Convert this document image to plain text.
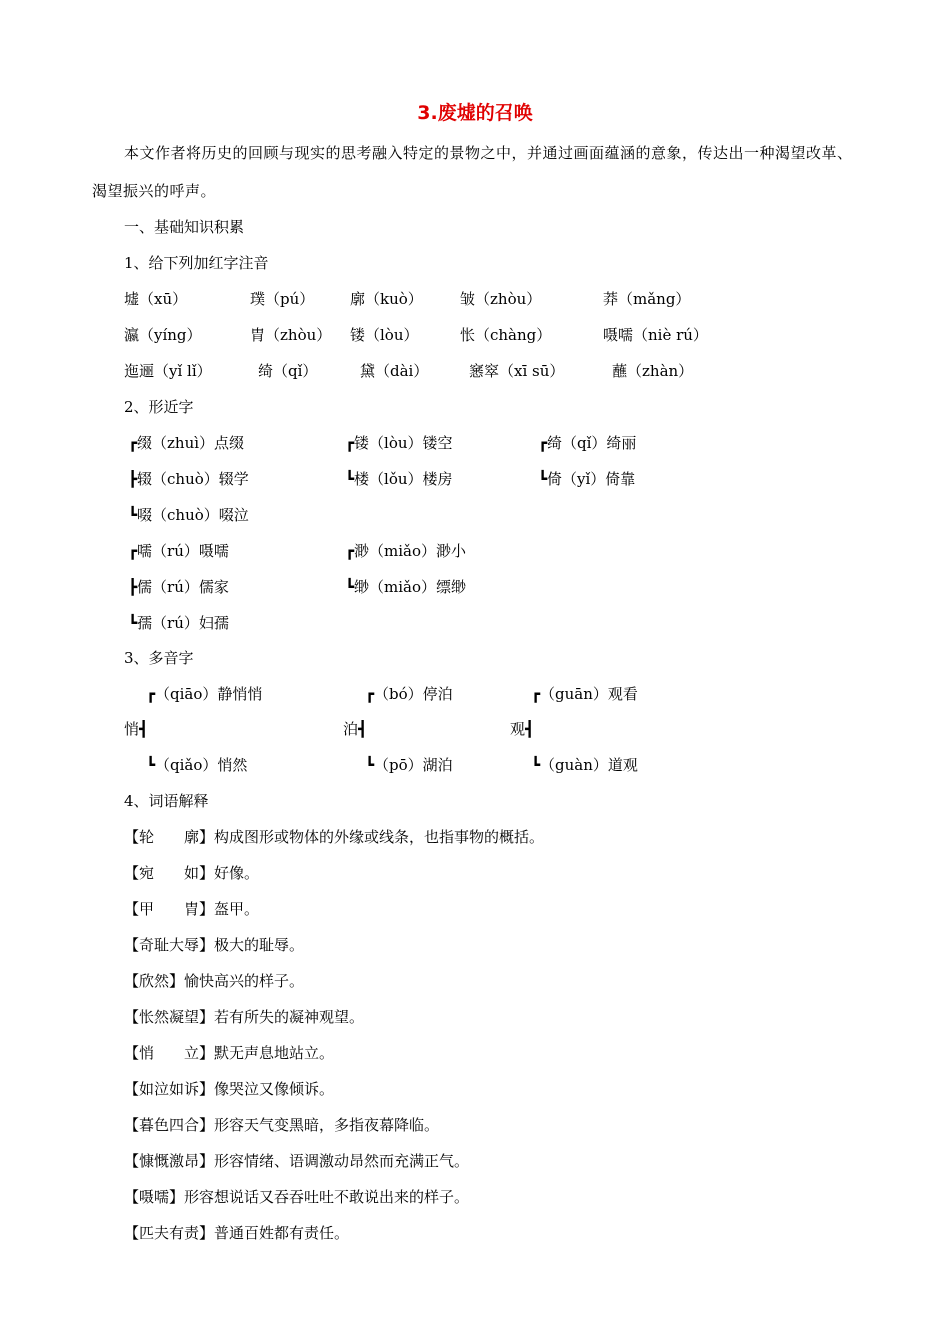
3.废墟的召唤
本文作者将历史的回顾与现实的思考融入特定的景物之中，并通过画面蕴涵的意象，传达出一种渴望改革、渴望振兴的呼声。
一、基础知识积累
1、给下列加红字注音
墟（xū）	璞（pú） 廓（kuò） 皱（zhòu）	莽（mǎng）
瀛（yíng）	胄（zhòu） 镂（lòu）	怅（chàng）	嗫嚅（niè rú）
迤逦（yǐ lǐ）	绮（qǐ）	黛（dài）	窸窣（xī sū）	蘸（zhàn）
2、形近字
┏缀（zhuì）点缀
┣辍（chuò）辍学
┗啜（chuò）啜泣
┏镂（lòu）镂空
┗楼（lǒu）楼房
┏绮（qǐ）绮丽
┗倚（yǐ）倚靠
┏嚅（rú）嗫嚅
┣儒（rú）儒家
┗孺（rú）妇孺
┏渺（miǎo）渺小
┗缈（miǎo）缥缈
3、多音字
┏（qiāo）静悄悄
悄┫
┗（qiǎo）悄然
┏（bó）停泊
泊┫
┗（pō）湖泊
┏（guān）观看
观┫
┗（guàn）道观
4、词语解释
【轮　　廓】构成图形或物体的外缘或线条，也指事物的概括。
【宛　　如】好像。
【甲　　胄】盔甲。
【奇耻大辱】极大的耻辱。
【欣然】愉快高兴的样子。
【怅然凝望】若有所失的凝神观望。
【悄　　立】默无声息地站立。
【如泣如诉】像哭泣又像倾诉。
【暮色四合】形容天气变黑暗，多指夜幕降临。
【慷慨激昂】形容情绪、语调激动昂然而充满正气。
【嗫嚅】形容想说话又吞吞吐吐不敢说出来的样子。
【匹夫有责】普通百姓都有责任。
